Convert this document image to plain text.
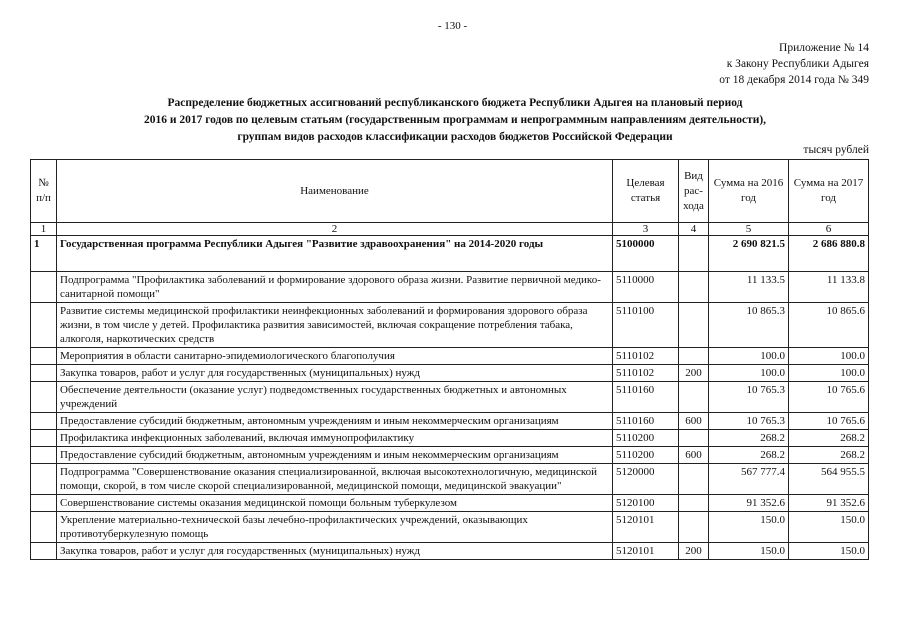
- 130 -
Приложение № 14
к Закону Республики Адыгея
от 18 декабря 2014 года № 349
Распределение бюджетных ассигнований республиканского бюджета Республики Адыгея на плановый период
2016 и 2017 годов по целевым статьям (государственным программам и непрограммным направлениям деятельности),
группам видов расходов классификации расходов бюджетов Российской Федерации
тысяч рублей
№ п/п	Наименование	Целевая статья	Вид рас-хода	Сумма на 2016 год	Сумма на 2017 год
1	2	3	4	5	6
1	Государственная программа Республики Адыгея "Развитие здравоохранения" на 2014-2020 годы	5100000		2 690 821.5	2 686 880.8
	Подпрограмма "Профилактика заболеваний и формирование здорового образа жизни. Развитие первичной медико-санитарной помощи"	5110000		11 133.5	11 133.8
	Развитие системы медицинской профилактики неинфекционных заболеваний и формирования здорового образа жизни, в том числе у детей. Профилактика развития зависимостей, включая сокращение потребления табака, алкоголя, наркотических средств	5110100		10 865.3	10 865.6
	Мероприятия в области санитарно-эпидемиологического благополучия	5110102		100.0	100.0
	Закупка товаров, работ и услуг для государственных (муниципальных) нужд	5110102	200	100.0	100.0
	Обеспечение деятельности (оказание услуг) подведомственных государственных бюджетных и автономных учреждений	5110160		10 765.3	10 765.6
	Предоставление субсидий бюджетным, автономным учреждениям и иным некоммерческим организациям	5110160	600	10 765.3	10 765.6
	Профилактика инфекционных заболеваний, включая иммунопрофилактику	5110200		268.2	268.2
	Предоставление субсидий бюджетным, автономным учреждениям и иным некоммерческим организациям	5110200	600	268.2	268.2
	Подпрограмма "Совершенствование оказания специализированной, включая высокотехнологичную, медицинской помощи, скорой, в том числе скорой специализированной, медицинской помощи, медицинской эвакуации"	5120000		567 777.4	564 955.5
	Совершенствование системы оказания медицинской помощи больным туберкулезом	5120100		91 352.6	91 352.6
	Укрепление материально-технической базы лечебно-профилактических учреждений, оказывающих противотуберкулезную помощь	5120101		150.0	150.0
	Закупка товаров, работ и услуг для государственных (муниципальных) нужд	5120101	200	150.0	150.0
